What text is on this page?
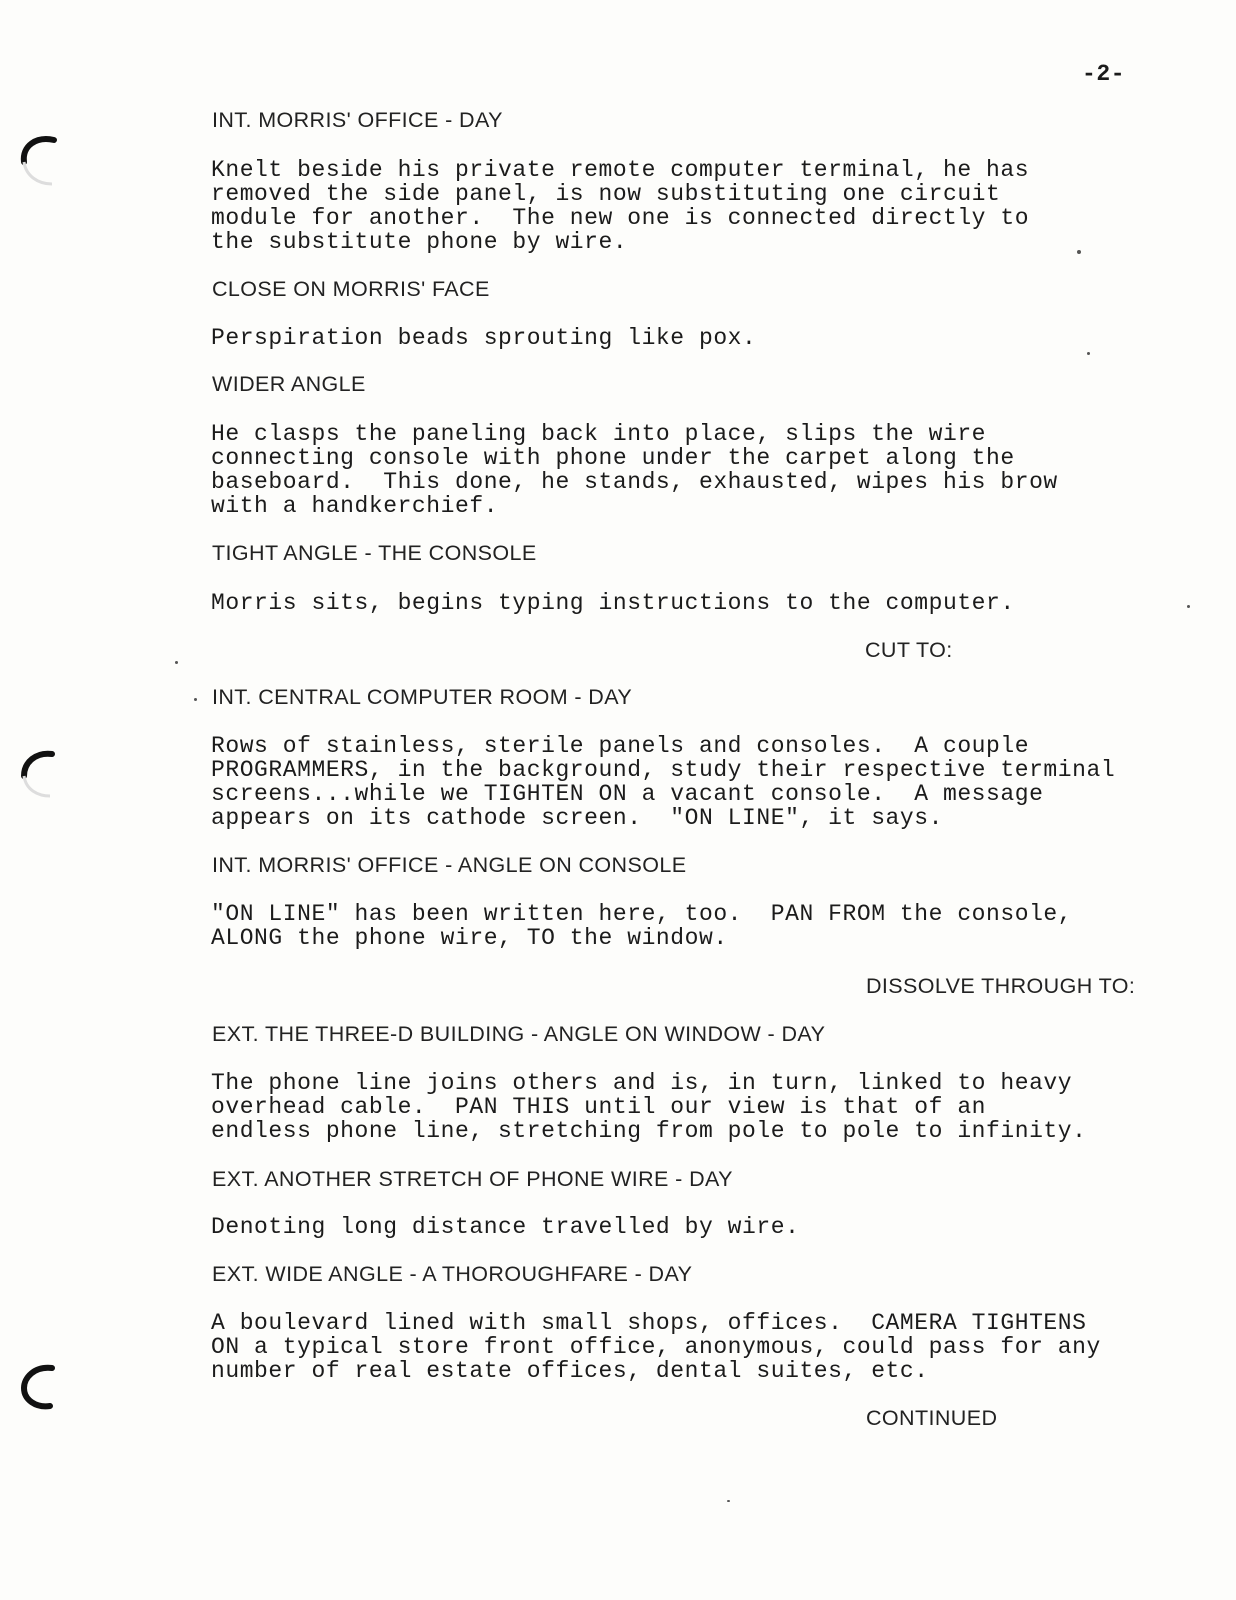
-2-
INT. MORRIS' OFFICE - DAY
Knelt beside his private remote computer terminal, he has
removed the side panel, is now substituting one circuit
module for another.  The new one is connected directly to
the substitute phone by wire.
CLOSE ON MORRIS' FACE
Perspiration beads sprouting like pox.
WIDER ANGLE
He clasps the paneling back into place, slips the wire
connecting console with phone under the carpet along the
baseboard.  This done, he stands, exhausted, wipes his brow
with a handkerchief.
TIGHT ANGLE - THE CONSOLE
Morris sits, begins typing instructions to the computer.
CUT TO:
INT. CENTRAL COMPUTER ROOM - DAY
Rows of stainless, sterile panels and consoles.  A couple
PROGRAMMERS, in the background, study their respective terminal
screens...while we TIGHTEN ON a vacant console.  A message
appears on its cathode screen.  "ON LINE", it says.
INT. MORRIS' OFFICE - ANGLE ON CONSOLE
"ON LINE" has been written here, too.  PAN FROM the console,
ALONG the phone wire, TO the window.
DISSOLVE THROUGH TO:
EXT. THE THREE-D BUILDING - ANGLE ON WINDOW - DAY
The phone line joins others and is, in turn, linked to heavy
overhead cable.  PAN THIS until our view is that of an
endless phone line, stretching from pole to pole to infinity.
EXT. ANOTHER STRETCH OF PHONE WIRE - DAY
Denoting long distance travelled by wire.
EXT. WIDE ANGLE - A THOROUGHFARE - DAY
A boulevard lined with small shops, offices.  CAMERA TIGHTENS
ON a typical store front office, anonymous, could pass for any
number of real estate offices, dental suites, etc.
CONTINUED
